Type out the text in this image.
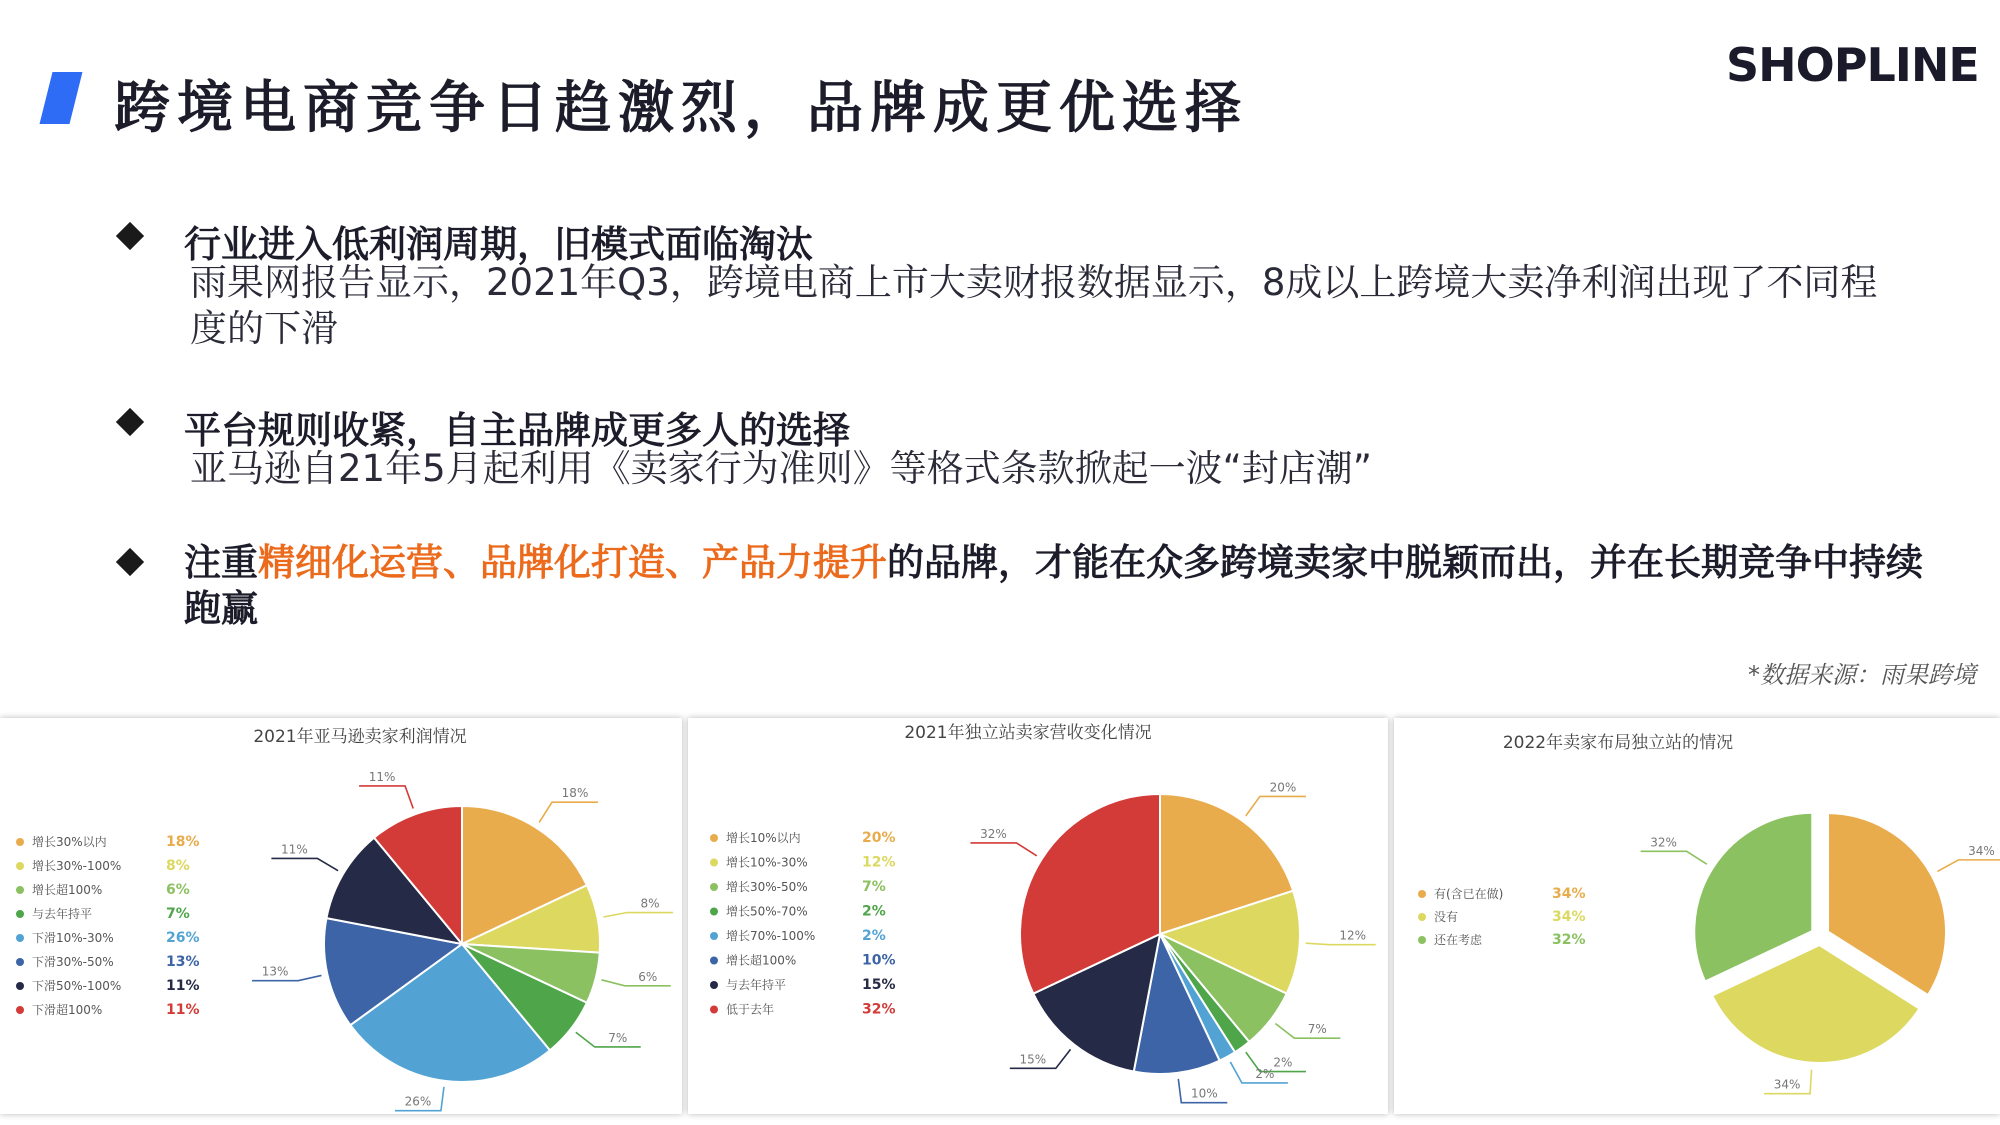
跨境电商竞争日趋激烈，品牌成更优选择
SHOPLINE
行业进入低利润周期，旧模式面临淘汰
雨果网报告显示，2021年Q3，跨境电商上市大卖财报数据显示，8成以上跨境大卖净利润出现了不同程度的下滑
平台规则收紧，自主品牌成更多人的选择
亚马逊自21年5月起利用《卖家行为准则》等格式条款掀起一波“封店潮”
注重精细化运营、品牌化打造、产品力提升的品牌，才能在众多跨境卖家中脱颖而出，并在长期竞争中持续跑赢
*数据来源：雨果跨境
2021年亚马逊卖家利润情况
18%
8%
6%
7%
26%
13%
11%
11%
增长30%以内	18%
增长30%-100%	8%
增长超100%	6%
与去年持平	7%
下滑10%-30%	26%
下滑30%-50%	13%
下滑50%-100%	11%
下滑超100%	11%
2021年独立站卖家营收变化情况
20%
12%
7%
2%
2%
10%
15%
32%
增长10%以内	20%
增长10%-30%	12%
增长30%-50%	7%
增长50%-70%	2%
增长70%-100%	2%
增长超100%	10%
与去年持平	15%
低于去年	32%
2022年卖家布局独立站的情况
34%
34%
32%
有(含已在做)	34%
没有	34%
还在考虑	32%
